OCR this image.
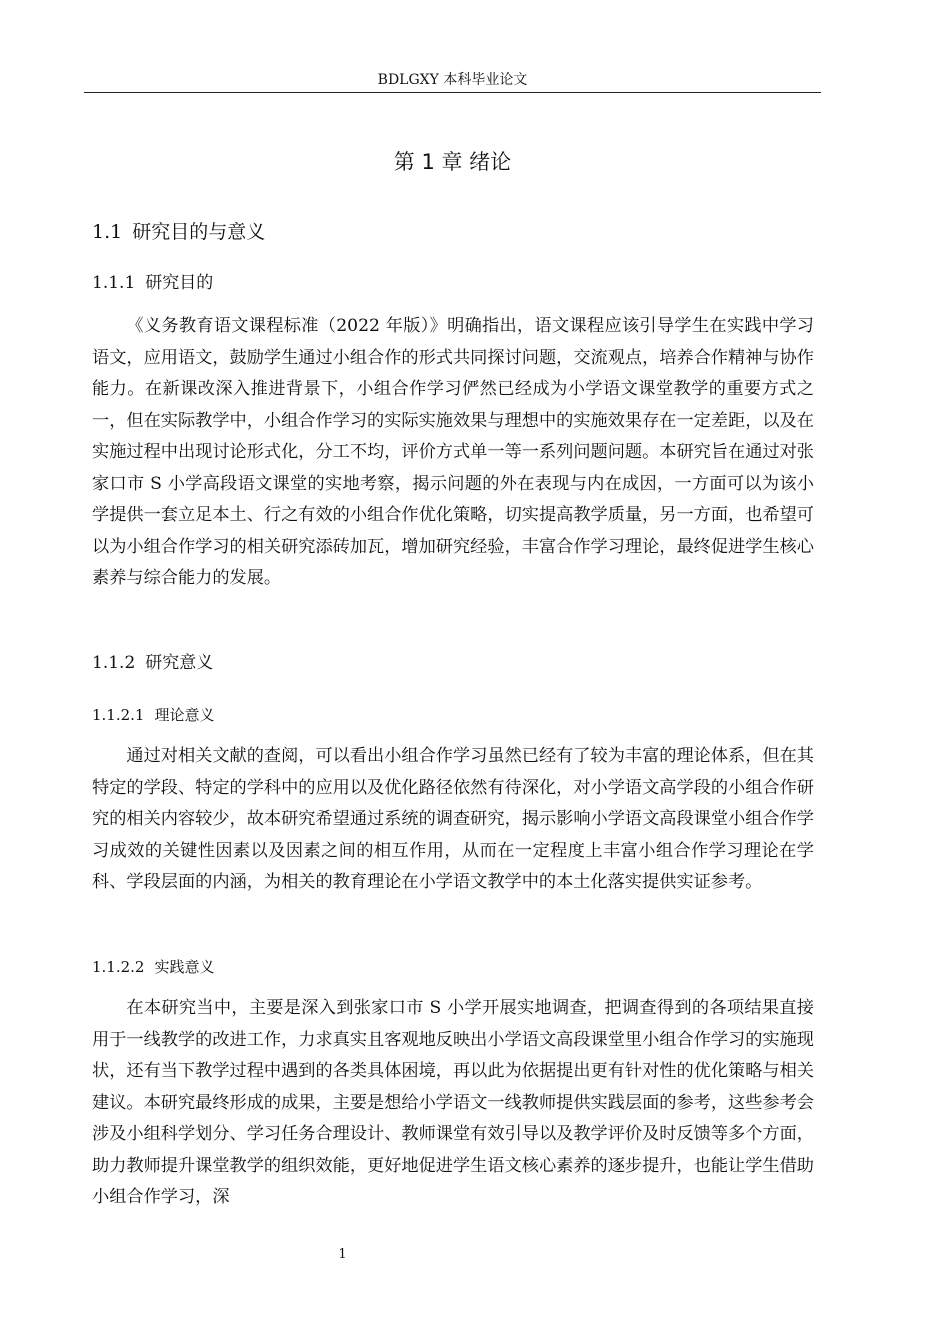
BDLGXY 本科毕业论文
第 1 章 绪论
1.1 研究目的与意义
1.1.1 研究目的

《义务教育语文课程标准（2022 年版）》明确指出，语文课程应该引导学生在实践中学习语文，应用语文，鼓励学生通过小组合作的形式共同探讨问题，交流观点，培养合作精神与协作能力。在新课改深入推进背景下，小组合作学习俨然已经成为小学语文课堂教学的重要方式之一，但在实际教学中，小组合作学习的实际实施效果与理想中的实施效果存在一定差距，以及在实施过程中出现讨论形式化，分工不均，评价方式单一等一系列问题问题。本研究旨在通过对张家口市 S 小学高段语文课堂的实地考察，揭示问题的外在表现与内在成因，一方面可以为该小学提供一套立足本土、行之有效的小组合作优化策略，切实提高教学质量，另一方面，也希望可以为小组合作学习的相关研究添砖加瓦，增加研究经验，丰富合作学习理论，最终促进学生核心素养与综合能力的发展。

1.1.2 研究意义
1.1.2.1 理论意义

通过对相关文献的查阅，可以看出小组合作学习虽然已经有了较为丰富的理论体系，但在其特定的学段、特定的学科中的应用以及优化路径依然有待深化，对小学语文高学段的小组合作研究的相关内容较少，故本研究希望通过系统的调查研究，揭示影响小学语文高段课堂小组合作学习成效的关键性因素以及因素之间的相互作用，从而在一定程度上丰富小组合作学习理论在学科、学段层面的内涵，为相关的教育理论在小学语文教学中的本土化落实提供实证参考。

1.1.2.2 实践意义

在本研究当中，主要是深入到张家口市 S 小学开展实地调查，把调查得到的各项结果直接用于一线教学的改进工作，力求真实且客观地反映出小学语文高段课堂里小组合作学习的实施现状，还有当下教学过程中遇到的各类具体困境，再以此为依据提出更有针对性的优化策略与相关建议。本研究最终形成的成果，主要是想给小学语文一线教师提供实践层面的参考，这些参考会涉及小组科学划分、学习任务合理设计、教师课堂有效引导以及教学评价及时反馈等多个方面，助力教师提升课堂教学的组织效能，更好地促进学生语文核心素养的逐步提升，也能让学生借助小组合作学习，深

1
